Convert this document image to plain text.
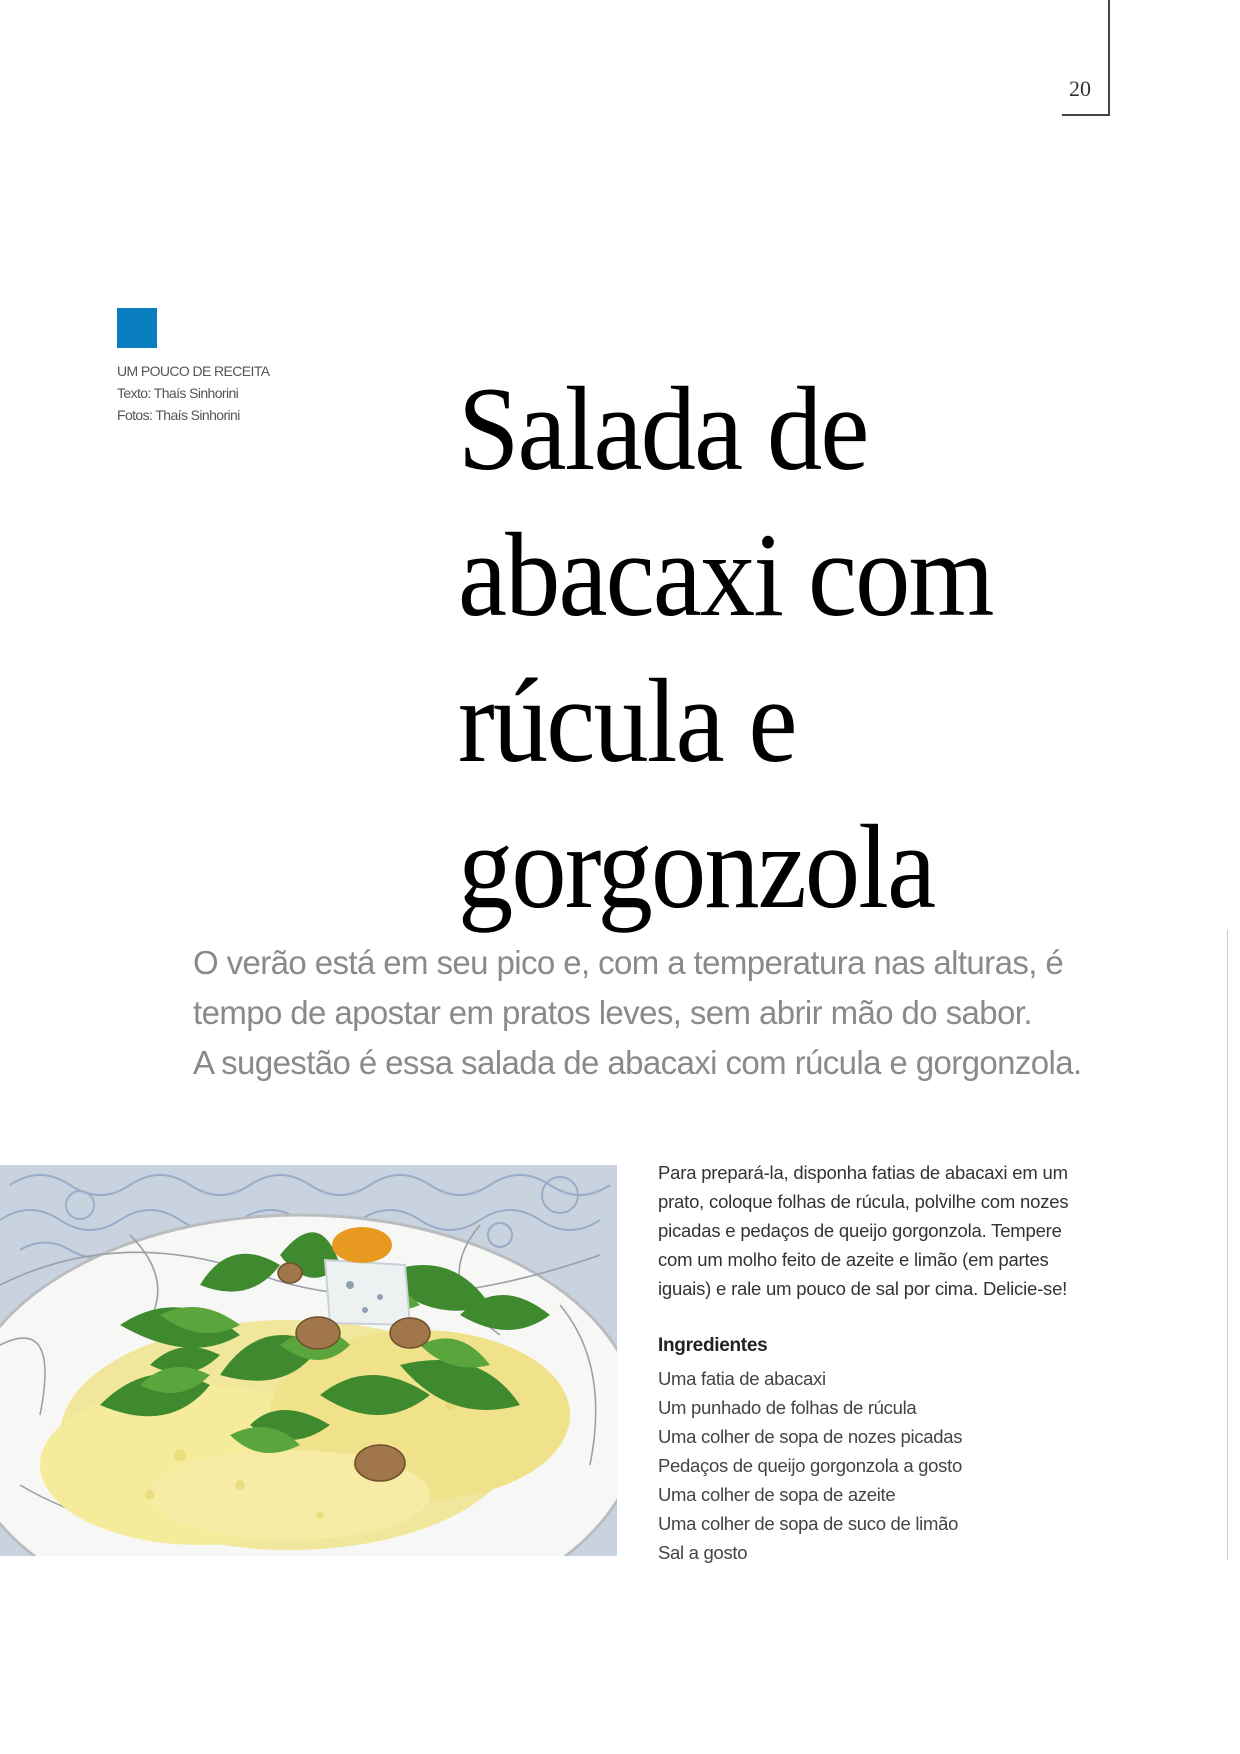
20
UM POUCO DE RECEITA
Texto: Thaís Sinhorini
Fotos: Thaís Sinhorini Salada de
abacaxi com
rúcula e
gorgonzola
O verão está em seu pico e, com a temperatura nas alturas, é
tempo de apostar em pratos leves, sem abrir mão do sabor.
A sugestão é essa salada de abacaxi com rúcula e gorgonzola.
Para prepará-la, disponha fatias de abacaxi em um
prato, coloque folhas de rúcula, polvilhe com nozes
picadas e pedaços de queijo gorgonzola. Tempere
com um molho feito de azeite e limão (em partes
iguais) e rale um pouco de sal por cima. Delicie-se!
Ingredientes
Uma fatia de abacaxi
Um punhado de folhas de rúcula
Uma colher de sopa de nozes picadas
Pedaços de queijo gorgonzola a gosto
Uma colher de sopa de azeite
Uma colher de sopa de suco de limão
Sal a gosto
